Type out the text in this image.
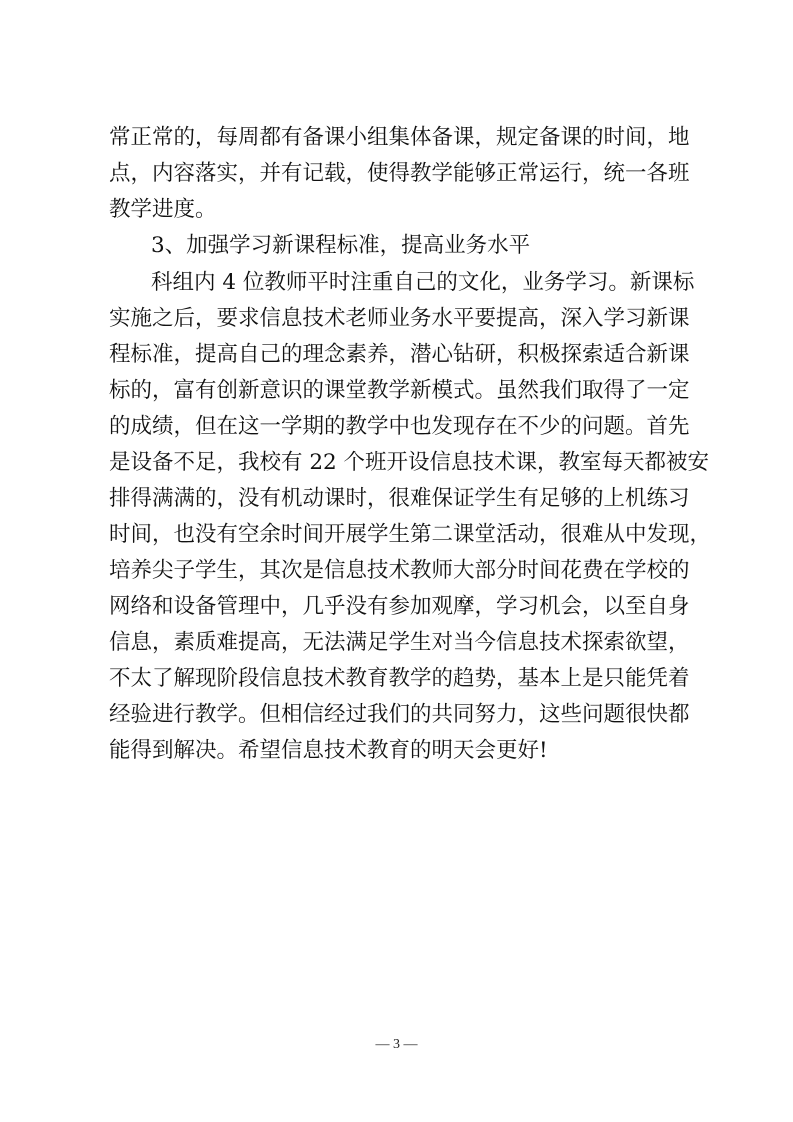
常正常的，每周都有备课小组集体备课，规定备课的时间，地
点，内容落实，并有记载，使得教学能够正常运行，统一各班
教学进度。
3、加强学习新课程标准，提高业务水平
科组内 4 位教师平时注重自己的文化，业务学习。新课标
实施之后，要求信息技术老师业务水平要提高，深入学习新课
程标准，提高自己的理念素养，潜心钻研，积极探索适合新课
标的，富有创新意识的课堂教学新模式。虽然我们取得了一定
的成绩，但在这一学期的教学中也发现存在不少的问题。首先
是设备不足，我校有 22 个班开设信息技术课，教室每天都被安
排得满满的，没有机动课时，很难保证学生有足够的上机练习
时间，也没有空余时间开展学生第二课堂活动，很难从中发现，
培养尖子学生，其次是信息技术教师大部分时间花费在学校的
网络和设备管理中，几乎没有参加观摩，学习机会，以至自身
信息，素质难提高，无法满足学生对当今信息技术探索欲望，
不太了解现阶段信息技术教育教学的趋势，基本上是只能凭着
经验进行教学。但相信经过我们的共同努力，这些问题很快都
能得到解决。希望信息技术教育的明天会更好!
— 3 —
